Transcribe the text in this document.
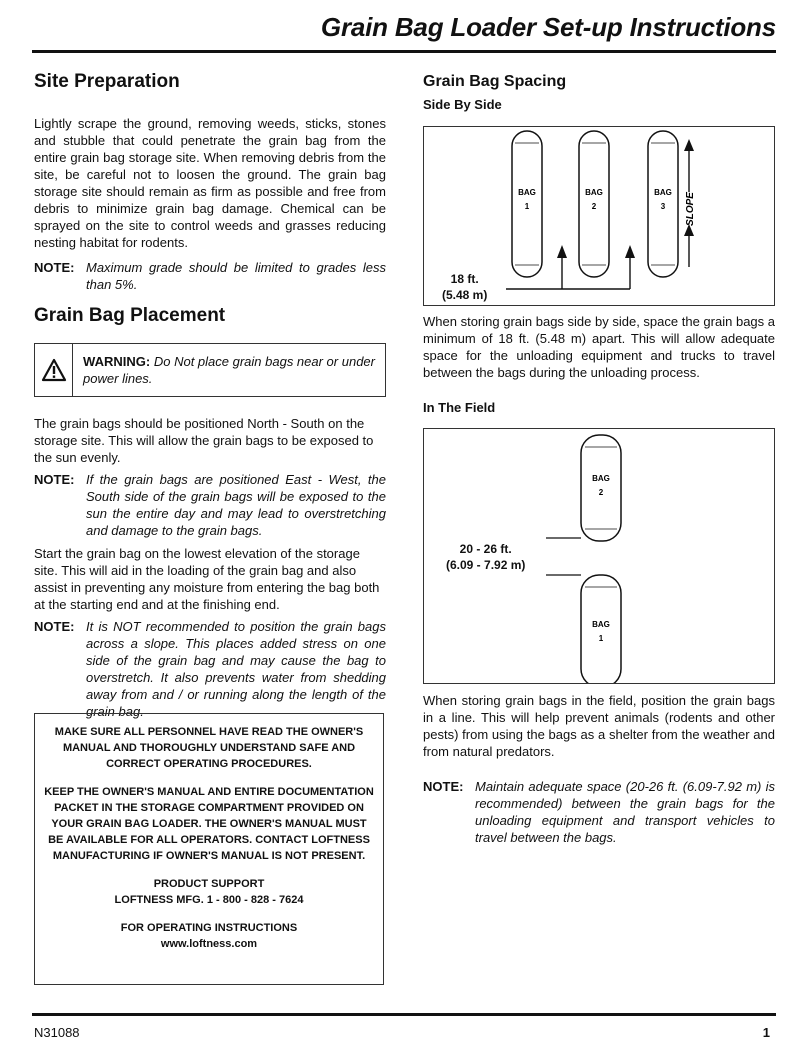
Grain Bag Loader Set-up Instructions
Site Preparation

Lightly scrape the ground, removing weeds, sticks, stones and stubble that could penetrate the grain bag from the entire grain bag storage site. When removing debris from the site, be careful not to loosen the ground. The grain bag storage site should remain as firm as possible and free from debris to minimize grain bag damage. Chemical can be sprayed on the site to control weeds and grasses reducing nesting habitat for rodents.

NOTE: Maximum grade should be limited to grades less than 5%.
Grain Bag Placement
WARNING: Do Not place grain bags near or under power lines.

The grain bags should be positioned North - South on the storage site. This will allow the grain bags to be exposed to the sun evenly.

NOTE: If the grain bags are positioned East - West, the South side of the grain bags will be exposed to the sun the entire day and may lead to overstretching and damage to the grain bags.

Start the grain bag on the lowest elevation of the storage site. This will aid in the loading of the grain bag and also assist in preventing any moisture from entering the bag both at the starting end and at the finishing end.

NOTE: It is NOT recommended to position the grain bags across a slope. This places added stress on one side of the grain bag and may cause the bag to overstretch. It also prevents water from shedding away from and / or running along the length of the grain bag.
MAKE SURE ALL PERSONNEL HAVE READ THE OWNER'S MANUAL AND THOROUGHLY UNDERSTAND SAFE AND CORRECT OPERATING PROCEDURES.
KEEP THE OWNER'S MANUAL AND ENTIRE DOCUMENTATION PACKET IN THE STORAGE COMPARTMENT PROVIDED ON YOUR GRAIN BAG LOADER. THE OWNER'S MANUAL MUST BE AVAILABLE FOR ALL OPERATORS. CONTACT LOFTNESS MANUFACTURING IF OWNER'S MANUAL IS NOT PRESENT.
PRODUCT SUPPORT
LOFTNESS MFG. 1 - 800 - 828 - 7624
FOR OPERATING INSTRUCTIONS
www.loftness.com
Grain Bag Spacing
Side By Side
BAG
1
BAG
2
BAG
3 SLOPE
18 ft.
(5.48 m)

When storing grain bags side by side, space the grain bags a minimum of 18 ft. (5.48 m) apart. This will allow adequate space for the unloading equipment and trucks to travel between the bags during the unloading process.

In The Field
BAG
2
BAG
1
20 - 26 ft.
(6.09 - 7.92 m)

When storing grain bags in the field, position the grain bags in a line. This will help prevent animals (rodents and other pests) from using the bags as a shelter from the weather and from natural predators.

NOTE: Maintain adequate space (20-26 ft. (6.09-7.92 m) is recommended) between the grain bags for the unloading equipment and transport vehicles to travel between the bags.
N31088	1
